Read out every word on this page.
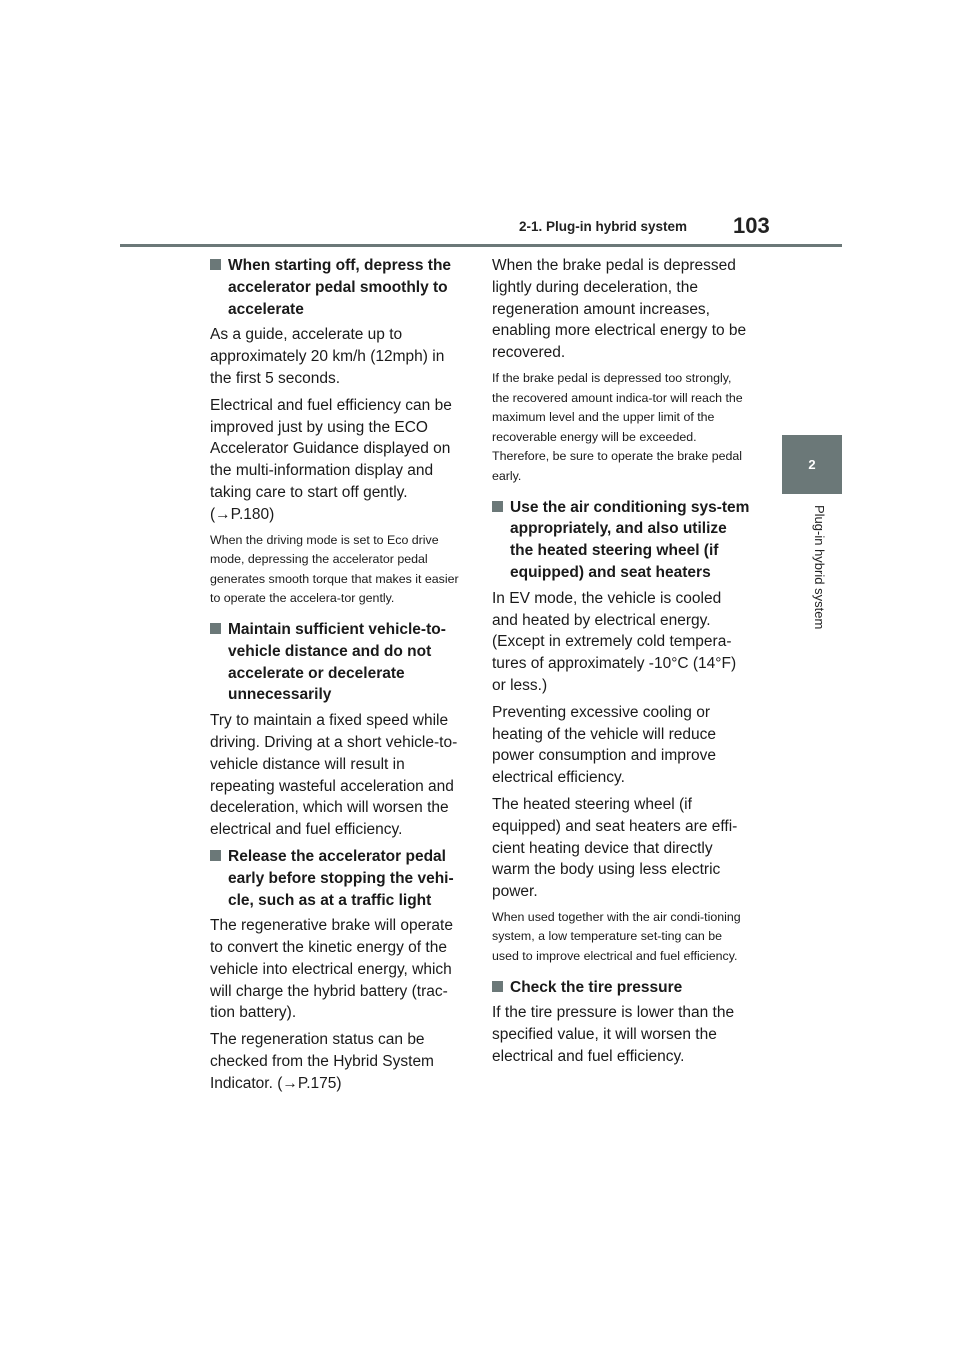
2-1. Plug-in hybrid system 103
2
Plug-in hybrid system
When starting off, depress the accelerator pedal smoothly to accelerate

As a guide, accelerate up to approximately 20 km/h (12mph) in the first 5 seconds.

Electrical and fuel efficiency can be improved just by using the ECO Accelerator Guidance displayed on the multi-information display and taking care to start off gently. (→P.180)

When the driving mode is set to Eco drive mode, depressing the accelerator pedal generates smooth torque that makes it easier to operate the accelera-tor gently.

Maintain sufficient vehicle-to-vehicle distance and do not accelerate or decelerate unnecessarily

Try to maintain a fixed speed while driving. Driving at a short vehicle-to-vehicle distance will result in repeating wasteful acceleration and deceleration, which will worsen the electrical and fuel efficiency.

Release the accelerator pedal early before stopping the vehi-cle, such as at a traffic light

The regenerative brake will operate to convert the kinetic energy of the vehicle into electrical energy, which will charge the hybrid battery (trac-tion battery).

The regeneration status can be checked from the Hybrid System Indicator. (→P.175)

When the brake pedal is depressed lightly during deceleration, the regeneration amount increases, enabling more electrical energy to be recovered.

If the brake pedal is depressed too strongly, the recovered amount indica-tor will reach the maximum level and the upper limit of the recoverable energy will be exceeded. Therefore, be sure to operate the brake pedal early.

Use the air conditioning sys-tem appropriately, and also utilize the heated steering wheel (if equipped) and seat heaters

In EV mode, the vehicle is cooled and heated by electrical energy. (Except in extremely cold tempera-tures of approximately -10°C (14°F) or less.)

Preventing excessive cooling or heating of the vehicle will reduce power consumption and improve electrical efficiency.

The heated steering wheel (if equipped) and seat heaters are effi-cient heating device that directly warm the body using less electric power.

When used together with the air condi-tioning system, a low temperature set-ting can be used to improve electrical and fuel efficiency.

Check the tire pressure

If the tire pressure is lower than the specified value, it will worsen the electrical and fuel efficiency.
